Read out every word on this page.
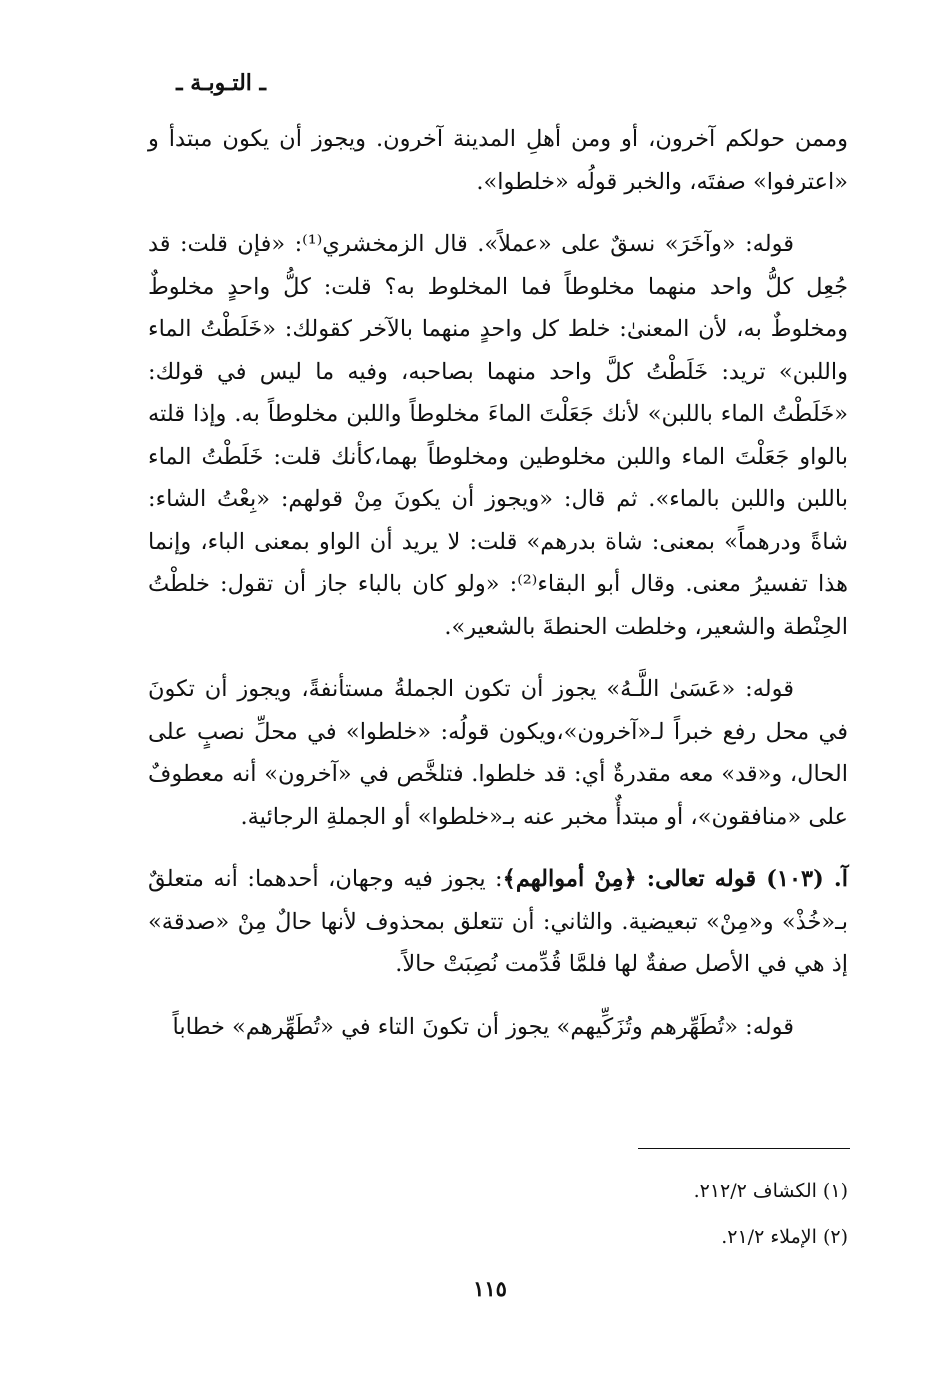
ـ التـوبـة ـ

وممن حولكم آخرون، أو ومن أهلِ المدينة آخرون. ويجوز أن يكون مبتدأ و «اعترفوا» صفتَه، والخبر قولُه «خلطوا».

قوله: «وآخَرَ» نسقٌ على «عملاً». قال الزمخشري⁽¹⁾: «فإن قلت: قد جُعِل كلُّ واحد منهما مخلوطاً فما المخلوط به؟ قلت: كلُّ واحدٍ مخلوطٌ ومخلوطٌ به، لأن المعنىٰ: خلط كل واحدٍ منهما بالآخر كقولك: «خَلَطْتُ الماء واللبن» تريد: خَلَطْتُ كلَّ واحد منهما بصاحبه، وفيه ما ليس في قولك: «خَلَطْتُ الماء باللبن» لأنك جَعَلْتَ الماءَ مخلوطاً واللبن مخلوطاً به. وإذا قلته بالواو جَعَلْتَ الماء واللبن مخلوطين ومخلوطاً بهما،كأنك قلت: خَلَطْتُ الماء باللبن واللبن بالماء». ثم قال: «ويجوز أن يكونَ مِنْ قولهم: «بِعْتُ الشاء: شاةً ودرهماً» بمعنى: شاة بدرهم» قلت: لا يريد أن الواو بمعنى الباء، وإنما هذا تفسيرُ معنى. وقال أبو البقاء⁽²⁾: «ولو كان بالباء جاز أن تقول: خلطْتُ الحِنْطة والشعير، وخلطت الحنطةَ بالشعير».

قوله: «عَسَىٰ اللَّـهُ» يجوز أن تكون الجملةُ مستأنفةً، ويجوز أن تكونَ في محل رفع خبراً لـ«آخرون»،ويكون قولُه: «خلطوا» في محلِّ نصبٍ على الحال، و«قد» معه مقدرةٌ أي: قد خلطوا. فتلخَّص في «آخرون» أنه معطوفٌ على «منافقون»، أو مبتدأٌ مخبر عنه بـ«خلطوا» أو الجملةِ الرجائية.

آ. (١٠٣) قوله تعالى: ﴿مِنْ أموالهم﴾: يجوز فيه وجهان، أحدهما: أنه متعلقٌ بـ«خُذْ» و«مِنْ» تبعيضية. والثاني: أن تتعلق بمحذوف لأنها حالٌ مِنْ «صدقة» إذ هي في الأصل صفةٌ لها فلمَّا قُدِّمت نُصِبَتْ حالاً.

قوله: «تُطَهِّرهم وتُزَكِّيهم» يجوز أن تكونَ التاء في «تُطَهِّرهم» خطاباً

(١) الكشاف ٢١٢/٢.
(٢) الإملاء ٢١/٢.
١١٥
